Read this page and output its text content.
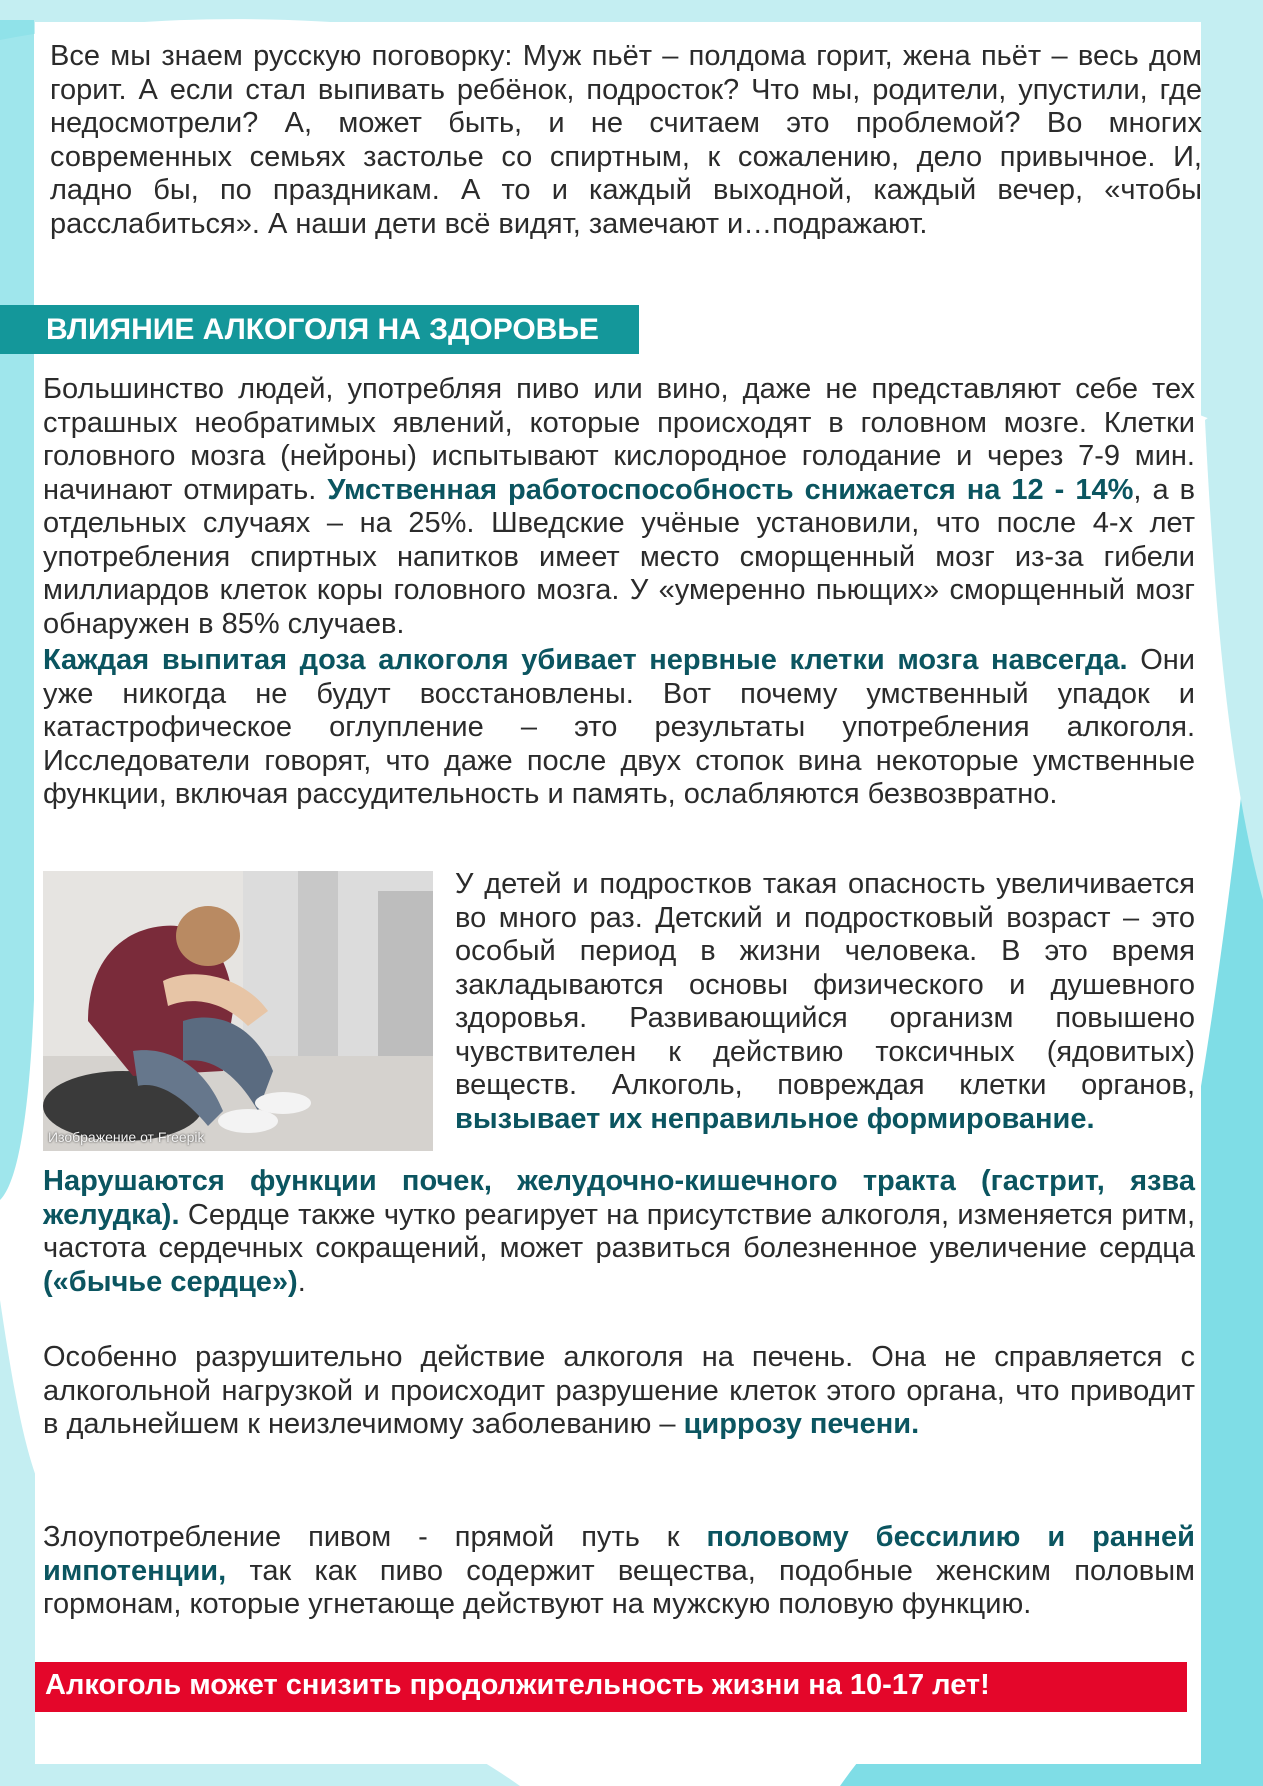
Все мы знаем русскую поговорку: Муж пьёт – полдома горит, жена пьёт – весь дом горит. А если стал выпивать ребёнок, подросток? Что мы, родители, упустили, где недосмотрели? А, может быть, и не считаем это проблемой? Во многих современных семьях застолье со спиртным, к сожалению, дело привычное. И, ладно бы, по праздникам. А то и каждый выходной, каждый вечер, «чтобы расслабиться». А наши дети всё видят, замечают и…подражают.

ВЛИЯНИЕ АЛКОГОЛЯ НА ЗДОРОВЬЕ

Большинство людей, употребляя пиво или вино, даже не представляют себе тех страшных необратимых явлений, которые происходят в головном мозге. Клетки головного мозга (нейроны) испытывают кислородное голодание и через 7-9 мин. начинают отмирать. Умственная работоспособность снижается на 12 - 14%, а в отдельных случаях – на 25%. Шведские учёные установили, что после 4-х лет употребления спиртных напитков имеет место сморщенный мозг из-за гибели миллиардов клеток коры головного мозга. У «умеренно пьющих» сморщенный мозг обнаружен в 85% случаев.

Каждая выпитая доза алкоголя убивает нервные клетки мозга навсегда. Они уже никогда не будут восстановлены. Вот почему умственный упадок и катастрофическое оглупление – это результаты употребления алкоголя. Исследователи говорят, что даже после двух стопок вина некоторые умственные функции, включая рассудительность и память, ослабляются безвозвратно.

Изображение от Freepik

У детей и подростков такая опасность увеличивается во много раз. Детский и подростковый возраст – это особый период в жизни человека. В это время закладываются основы физического и душевного здоровья. Развивающийся организм повышено чувствителен к действию токсичных (ядовитых) веществ. Алкоголь, повреждая клетки органов, вызывает их неправильное формирование.

Нарушаются функции почек, желудочно-кишечного тракта (гастрит, язва желудка). Сердце также чутко реагирует на присутствие алкоголя, изменяется ритм, частота сердечных сокращений, может развиться болезненное увеличение сердца («бычье сердце»).

Особенно разрушительно действие алкоголя на печень. Она не справляется с алкогольной нагрузкой и происходит разрушение клеток этого органа, что приводит в дальнейшем к неизлечимому заболеванию – циррозу печени.

Злоупотребление пивом - прямой путь к половому бессилию и ранней импотенции, так как пиво содержит вещества, подобные женским половым гормонам, которые угнетающе действуют на мужскую половую функцию.

Алкоголь может снизить продолжительность жизни на 10-17 лет!
